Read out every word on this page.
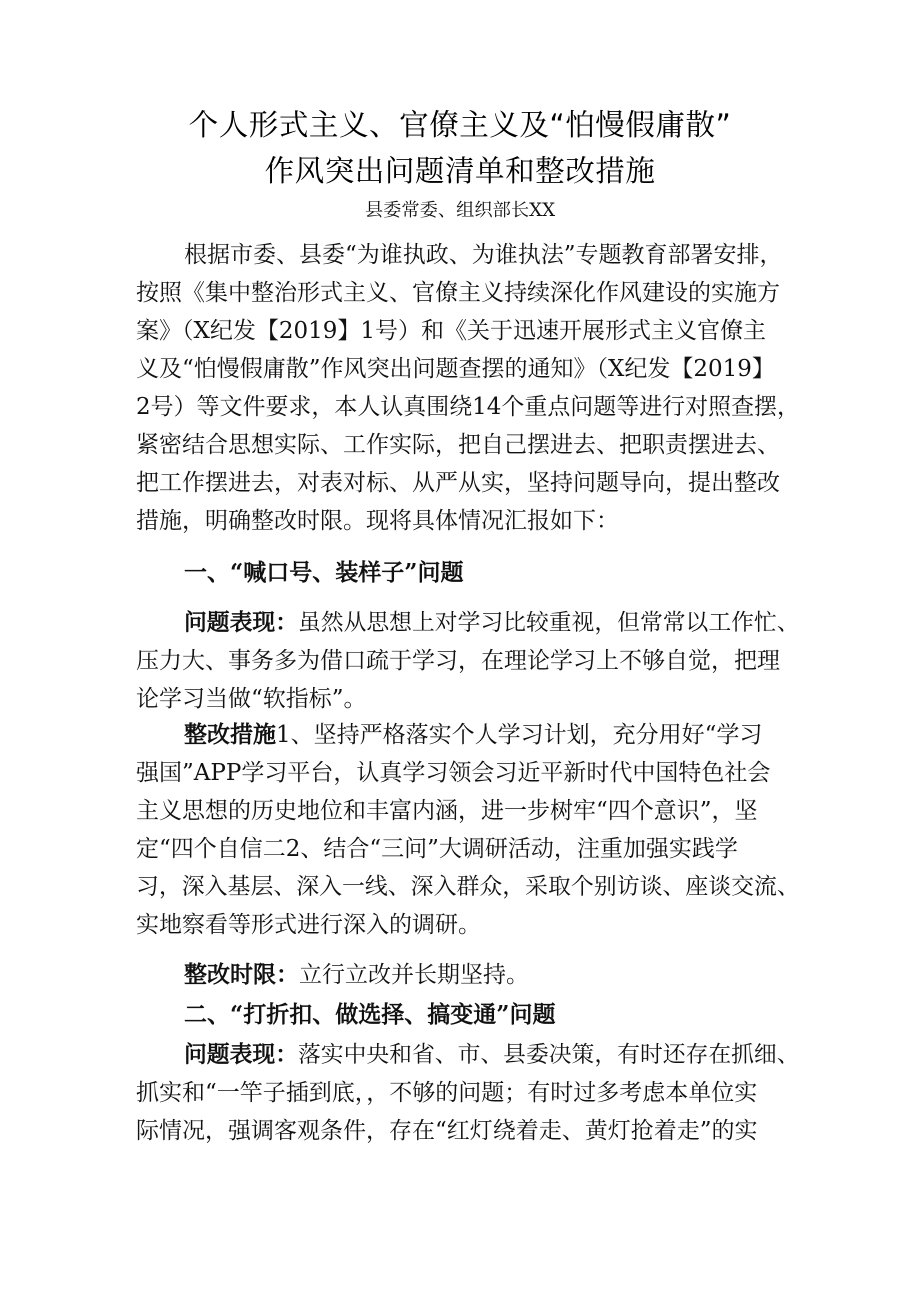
个人形式主义、官僚主义及“怕慢假庸散”
作风突出问题清单和整改措施
县委常委、组织部长XX
根据市委、县委“为谁执政、为谁执法”专题教育部署安排，
按照《集中整治形式主义、官僚主义持续深化作风建设的实施方
案》（X纪发【2019】1号）和《关于迅速开展形式主义官僚主
义及“怕慢假庸散”作风突出问题查摆的通知》（X纪发【2019】
2号）等文件要求，本人认真围绕14个重点问题等进行对照查摆，
紧密结合思想实际、工作实际，把自己摆进去、把职责摆进去、
把工作摆进去，对表对标、从严从实，坚持问题导向，提出整改
措施，明确整改时限。现将具体情况汇报如下：
一、“喊口号、装样子”问题
问题表现：虽然从思想上对学习比较重视，但常常以工作忙、
压力大、事务多为借口疏于学习，在理论学习上不够自觉，把理
论学习当做“软指标”。
整改措施1、坚持严格落实个人学习计划，充分用好“学习
强国”APP学习平台，认真学习领会习近平新时代中国特色社会
主义思想的历史地位和丰富内涵，进一步树牢“四个意识”，坚
定“四个自信二2、结合“三问”大调研活动，注重加强实践学
习，深入基层、深入一线、深入群众，采取个别访谈、座谈交流、
实地察看等形式进行深入的调研。
整改时限：立行立改并长期坚持。
二、“打折扣、做选择、搞变通”问题
问题表现：落实中央和省、市、县委决策，有时还存在抓细、
抓实和“一竿子插到底，，不够的问题；有时过多考虑本单位实
际情况，强调客观条件，存在“红灯绕着走、黄灯抢着走”的实
